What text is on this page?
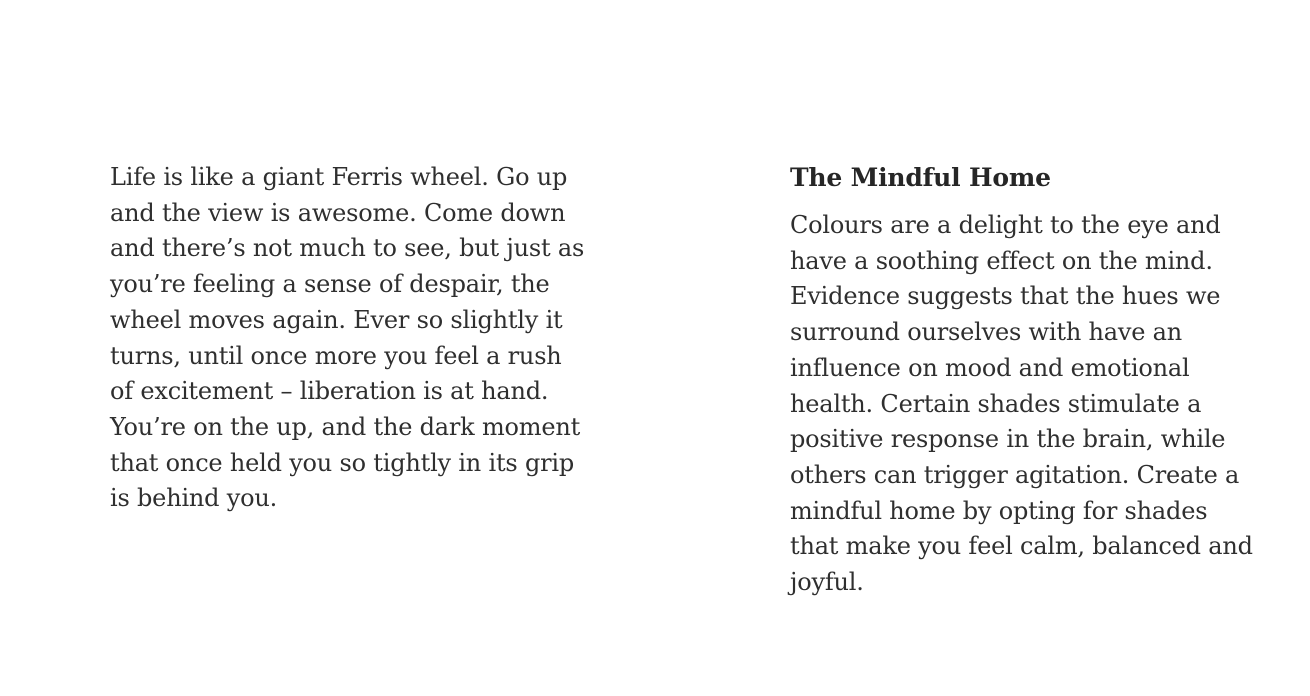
Life is like a giant Ferris wheel. Go up
and the view is awesome. Come down
and there’s not much to see, but just as
you’re feeling a sense of despair, the
wheel moves again. Ever so slightly it
turns, until once more you feel a rush
of excitement – liberation is at hand.
You’re on the up, and the dark moment
that once held you so tightly in its grip
is behind you.

The Mindful Home

Colours are a delight to the eye and
have a soothing effect on the mind.
Evidence suggests that the hues we
surround ourselves with have an
influence on mood and emotional
health. Certain shades stimulate a
positive response in the brain, while
others can trigger agitation. Create a
mindful home by opting for shades
that make you feel calm, balanced and
joyful.
